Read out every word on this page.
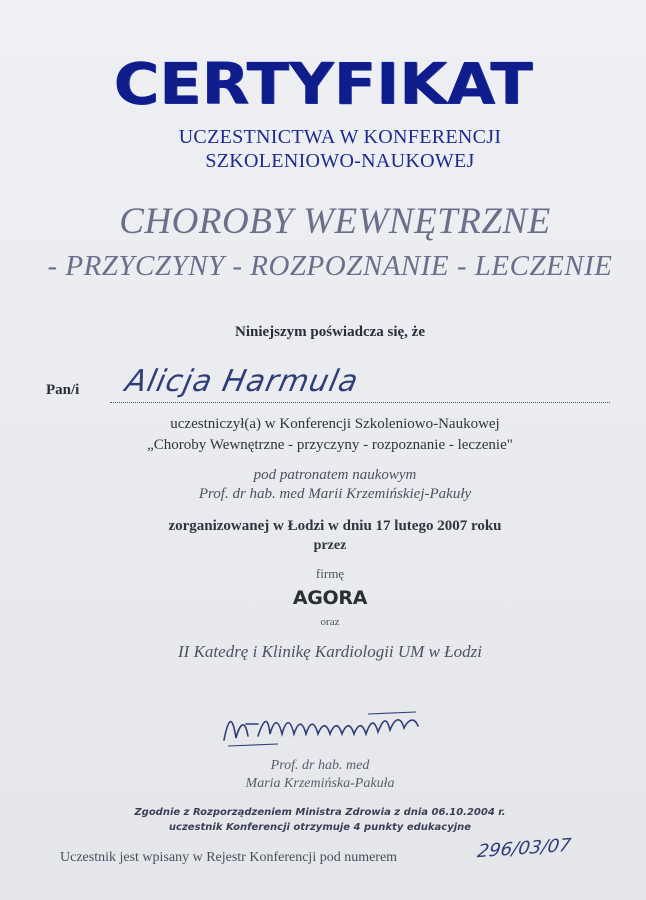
CERTYFIKAT
UCZESTNICTWA W KONFERENCJI
SZKOLENIOWO-NAUKOWEJ
CHOROBY WEWNĘTRZNE
- PRZYCZYNY - ROZPOZNANIE - LECZENIE
Niniejszym poświadcza się, że
Pan/i Alicja Harmula
uczestniczył(a) w Konferencji Szkoleniowo-Naukowej
„Choroby Wewnętrzne - przyczyny - rozpoznanie - leczenie"
pod patronatem naukowym
Prof. dr hab. med Marii Krzemińskiej-Pakuły
zorganizowanej w Łodzi w dniu 17 lutego 2007 roku
przez
firmę
AGORA
oraz
II Katedrę i Klinikę Kardiologii UM w Łodzi
Prof. dr hab. med
Maria Krzemińska-Pakuła
Zgodnie z Rozporządzeniem Ministra Zdrowia z dnia 06.10.2004 r.
uczestnik Konferencji otrzymuje 4 punkty edukacyjne
Uczestnik jest wpisany w Rejestr Konferencji pod numerem	296/03/07
